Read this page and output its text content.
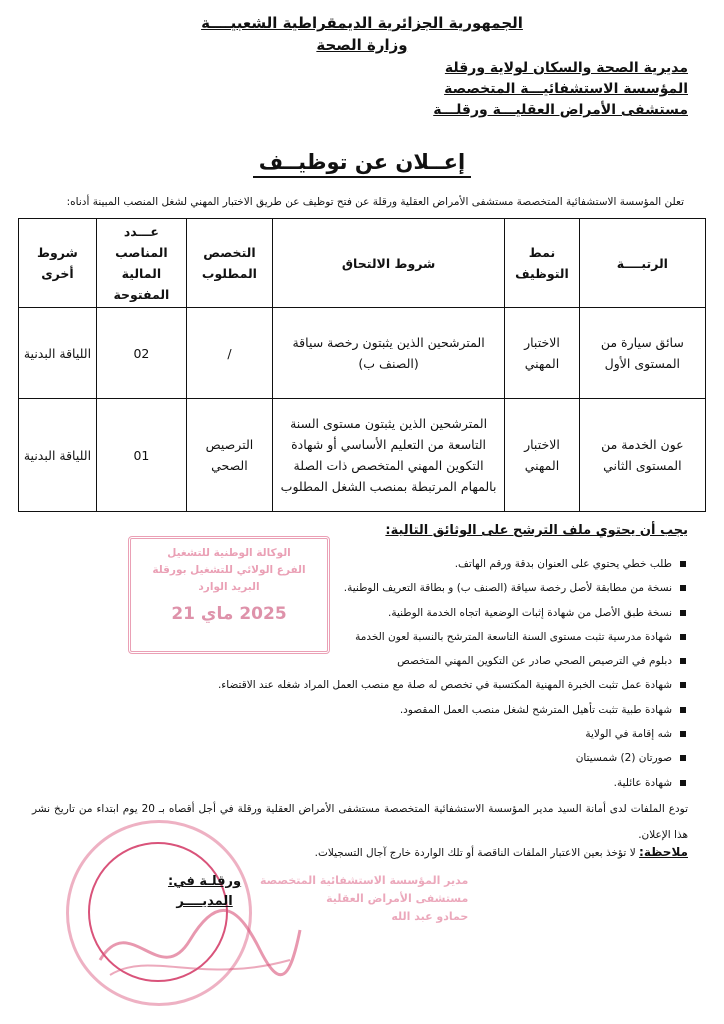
الجمهورية الجزائرية الديمقراطية الشعبيــــة
وزارة الصحة
مديرية الصحة والسكان لولاية ورقلة
المؤسسة الاستشفائيـــة المتخصصة
مستشفى الأمراض العقليـــة ورقلـــة
إعــلان عن توظيــف
تعلن المؤسسة الاستشفائية المتخصصة مستشفى الأمراض العقلية ورقلة عن فتح توظيف عن طريق الاختبار المهني لشغل المنصب المبينة أدناه:
الرتبــــة	نمط التوظيف	شروط الالتحاق	التخصص المطلوب	عـــدد المناصب المالية المفتوحة	شروط أخرى
سائق سيارة من المستوى الأول	الاختبار المهني	المترشحين الذين يثبتون رخصة سياقة (الصنف ب)	/	02	اللياقة البدنية
عون الخدمة من المستوى الثاني	الاختبار المهني	المترشحين الذين يثبتون مستوى السنة التاسعة من التعليم الأساسي أو شهادة التكوين المهني المتخصص ذات الصلة بالمهام المرتبطة بمنصب الشغل المطلوب	الترصيص الصحي	01	اللياقة البدنية
يجب أن يحتوي ملف الترشح على الوثائق التالية:
طلب خطي يحتوي على العنوان بدقة ورقم الهاتف.
نسخة من مطابقة لأصل رخصة سياقة (الصنف ب) و بطاقة التعريف الوطنية.
نسخة طبق الأصل من شهادة إثبات الوضعية اتجاه الخدمة الوطنية.
شهادة مدرسية تثبت مستوى السنة التاسعة المترشح بالنسبة لعون الخدمة
دبلوم في الترصيص الصحي صادر عن التكوين المهني المتخصص
شهادة عمل تثبت الخبرة المهنية المكتسبة في تخصص له صلة مع منصب العمل المراد شغله عند الاقتضاء.
شهادة طبية تثبت تأهيل المترشح لشغل منصب العمل المقصود.
شه إقامة في الولاية
صورتان (2) شمسيتان
شهادة عائلية.
تودع الملفات لدى أمانة السيد مدير المؤسسة الاستشفائية المتخصصة مستشفى الأمراض العقلية ورقلة في أجل أقصاه بـ 20 يوم ابتداء من تاريخ نشر هذا الإعلان.
ملاحظة: لا تؤخذ بعين الاعتبار الملفات الناقصة أو تلك الواردة خارج آجال التسجيلات.
الوكالة الوطنية للتشغيل
الفرع الولائي للتشغيل بورقلة
البريد الوارد
2025 ماي 21
مدير المؤسسة الاستشفائية المتخصصة
مستشفى الأمراض العقلية
حمادو عبد الله
ورقلـة في:
المديــــر
